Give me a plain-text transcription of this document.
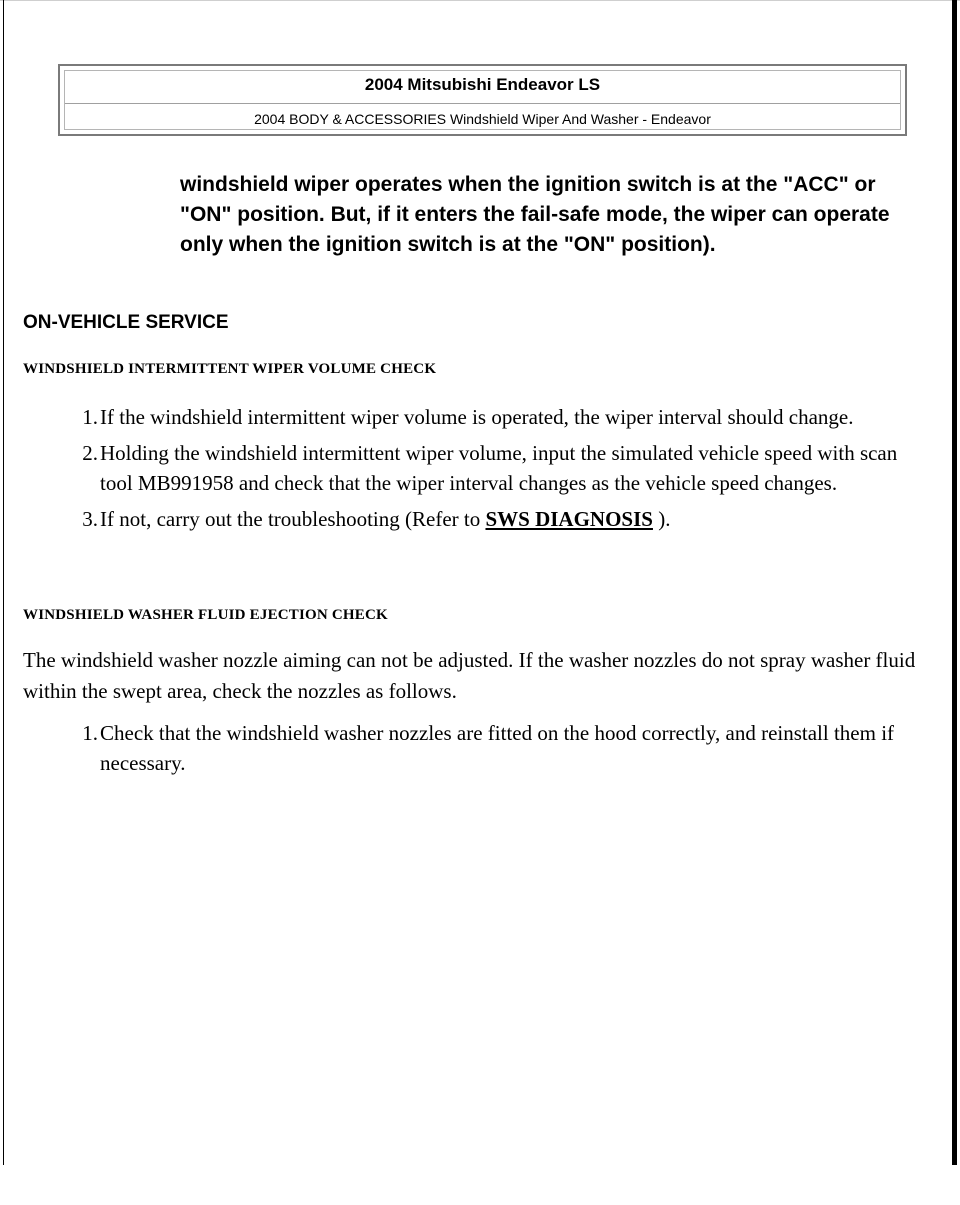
2004 Mitsubishi Endeavor LS
2004 BODY & ACCESSORIES Windshield Wiper And Washer - Endeavor
windshield wiper operates when the ignition switch is at the "ACC" or "ON" position. But, if it enters the fail-safe mode, the wiper can operate only when the ignition switch is at the "ON" position).
ON-VEHICLE SERVICE
WINDSHIELD INTERMITTENT WIPER VOLUME CHECK
1. If the windshield intermittent wiper volume is operated, the wiper interval should change.
2. Holding the windshield intermittent wiper volume, input the simulated vehicle speed with scan tool MB991958 and check that the wiper interval changes as the vehicle speed changes.
3. If not, carry out the troubleshooting (Refer to SWS DIAGNOSIS ).
WINDSHIELD WASHER FLUID EJECTION CHECK
The windshield washer nozzle aiming can not be adjusted. If the washer nozzles do not spray washer fluid within the swept area, check the nozzles as follows.
1. Check that the windshield washer nozzles are fitted on the hood correctly, and reinstall them if necessary.
